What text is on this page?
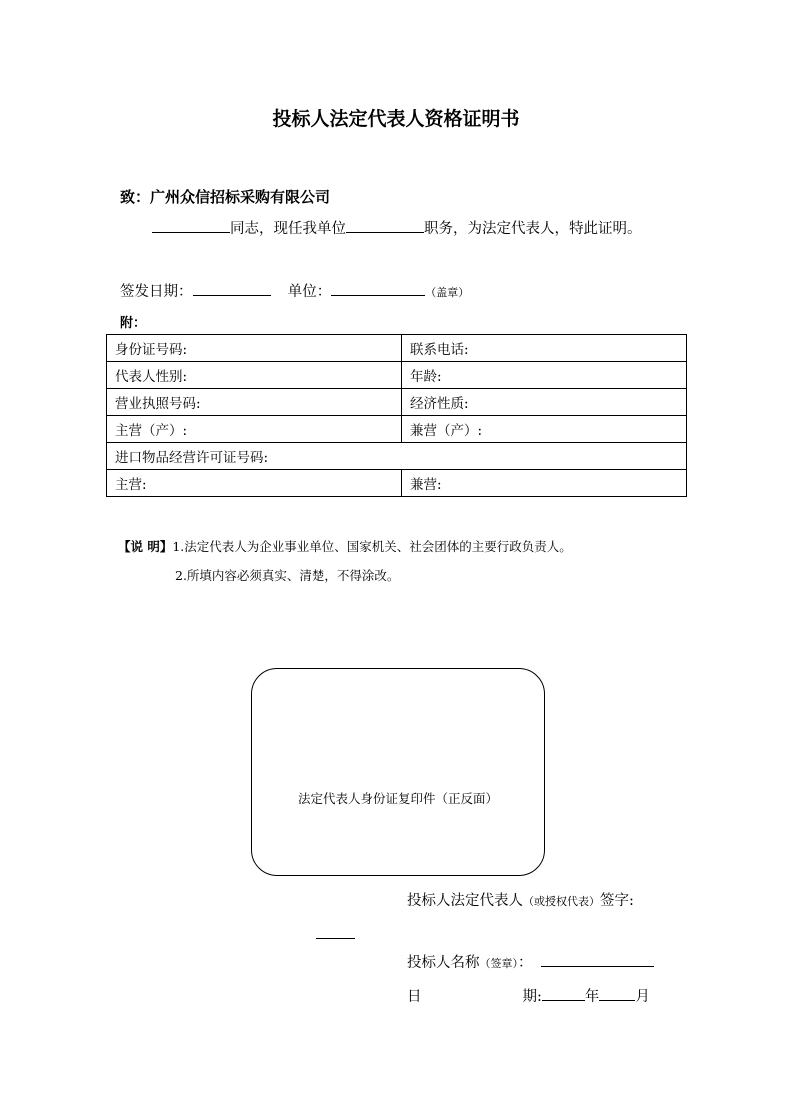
投标人法定代表人资格证明书
致：广州众信招标采购有限公司
同志，现任我单位	职务，为法定代表人，特此证明。
签发日期：	单位：	（盖章）
附：
身份证号码:	联系电话:
代表人性别:	年龄:
营业执照号码:	经济性质:
主营（产）:	兼营（产）:
进口物品经营许可证号码:	
主营:	兼营:
【说 明】1.法定代表人为企业事业单位、国家机关、社会团体的主要行政负责人。
2.所填内容必须真实、清楚，不得涂改。
法定代表人身份证复印件（正反面）
投标人法定代表人（或授权代表）签字:
投标人名称（签章）：
日	期:	年 月
